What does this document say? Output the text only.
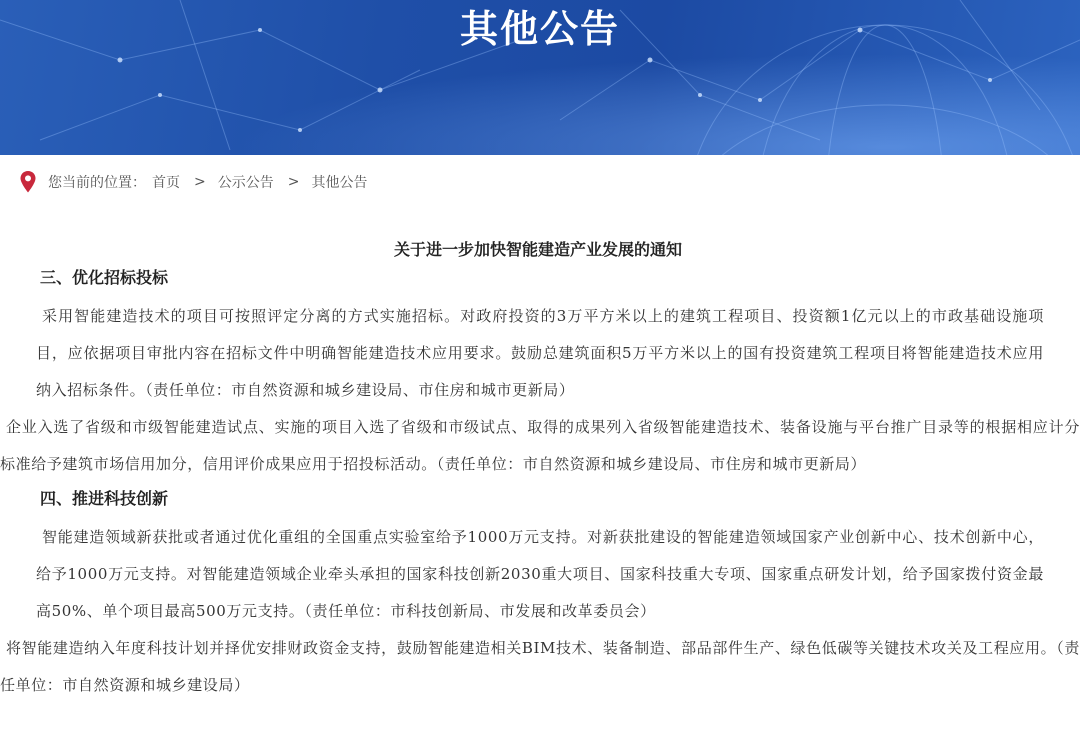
其他公告
您当前的位置： 首页 > 公示公告 > 其他公告
关于进一步加快智能建造产业发展的通知
三、优化招标投标

采用智能建造技术的项目可按照评定分离的方式实施招标。对政府投资的3万平方米以上的建筑工程项目、投资额1亿元以上的市政基础设施项目，应依据项目审批内容在招标文件中明确智能建造技术应用要求。鼓励总建筑面积5万平方米以上的国有投资建筑工程项目将智能建造技术应用纳入招标条件。（责任单位：市自然资源和城乡建设局、市住房和城市更新局）

企业入选了省级和市级智能建造试点、实施的项目入选了省级和市级试点、取得的成果列入省级智能建造技术、装备设施与平台推广目录等的根据相应计分标准给予建筑市场信用加分，信用评价成果应用于招投标活动。（责任单位：市自然资源和城乡建设局、市住房和城市更新局）

四、推进科技创新

智能建造领域新获批或者通过优化重组的全国重点实验室给予1000万元支持。对新获批建设的智能建造领域国家产业创新中心、技术创新中心，给予1000万元支持。对智能建造领域企业牵头承担的国家科技创新2030重大项目、国家科技重大专项、国家重点研发计划，给予国家拨付资金最高50%、单个项目最高500万元支持。（责任单位：市科技创新局、市发展和改革委员会）

将智能建造纳入年度科技计划并择优安排财政资金支持，鼓励智能建造相关BIM技术、装备制造、部品部件生产、绿色低碳等关键技术攻关及工程应用。（责任单位：市自然资源和城乡建设局）
